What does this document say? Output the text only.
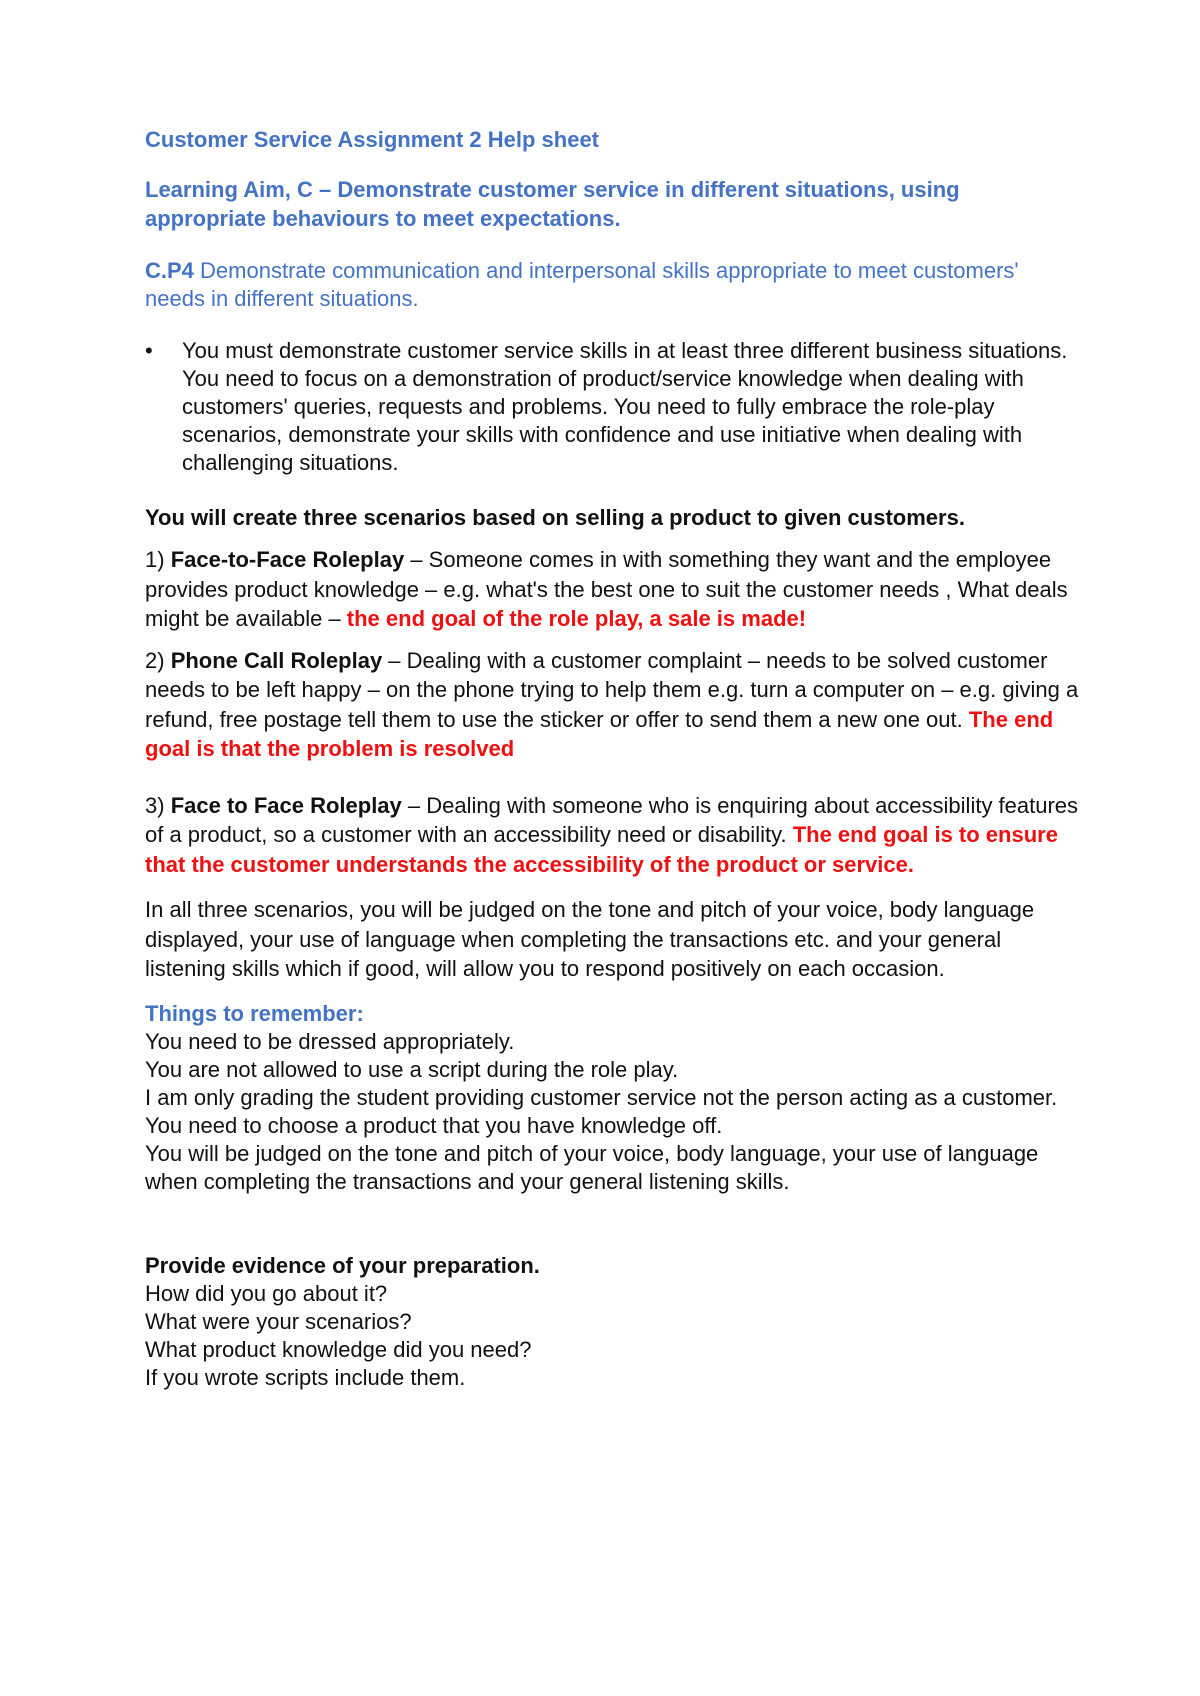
Customer Service Assignment 2 Help sheet

Learning Aim, C – Demonstrate customer service in different situations, using appropriate behaviours to meet expectations.

C.P4 Demonstrate communication and interpersonal skills appropriate to meet customers' needs in different situations.

• You must demonstrate customer service skills in at least three different business situations. You need to focus on a demonstration of product/service knowledge when dealing with customers' queries, requests and problems. You need to fully embrace the role-play scenarios, demonstrate your skills with confidence and use initiative when dealing with challenging situations.

You will create three scenarios based on selling a product to given customers.

1) Face-to-Face Roleplay – Someone comes in with something they want and the employee provides product knowledge – e.g. what's the best one to suit the customer needs , What deals might be available – the end goal of the role play, a sale is made!

2) Phone Call Roleplay – Dealing with a customer complaint – needs to be solved customer needs to be left happy – on the phone trying to help them e.g. turn a computer on – e.g. giving a refund, free postage tell them to use the sticker or offer to send them a new one out. The end goal is that the problem is resolved

3) Face to Face Roleplay – Dealing with someone who is enquiring about accessibility features of a product, so a customer with an accessibility need or disability. The end goal is to ensure that the customer understands the accessibility of the product or service.

In all three scenarios, you will be judged on the tone and pitch of your voice, body language displayed, your use of language when completing the transactions etc. and your general listening skills which if good, will allow you to respond positively on each occasion.

Things to remember:
You need to be dressed appropriately.
You are not allowed to use a script during the role play.
I am only grading the student providing customer service not the person acting as a customer.
You need to choose a product that you have knowledge off.
You will be judged on the tone and pitch of your voice, body language, your use of language when completing the transactions and your general listening skills.
Provide evidence of your preparation.
How did you go about it?
What were your scenarios?
What product knowledge did you need?
If you wrote scripts include them.
